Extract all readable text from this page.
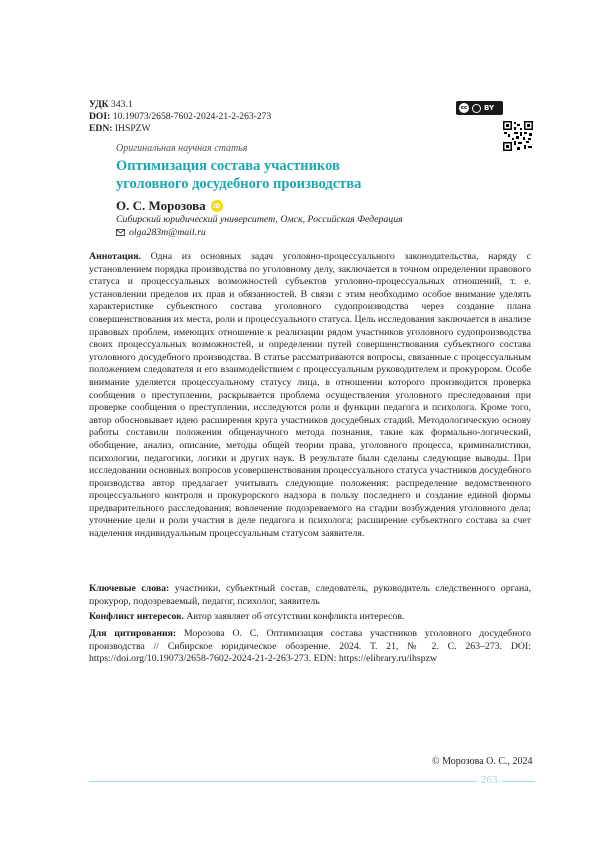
УДК 343.1
DOI: 10.19073/2658-7602-2024-21-2-263-273
EDN: IHSPZW
cc BY
Оригинальная научная статья
Оптимизация состава участников
уголовного досудебного производства
О. С. Морозова	iD
Сибирский юридический университет, Омск, Российская Федерация
olga283m@mail.ru
Аннотация. Одна из основных задач уголовно-процессуального законодательства, наряду с установлением порядка производства по уголовному делу, заключается в точном определении правового статуса и процессуальных возможностей субъектов уголовно-процессуальных отношений, т. е. установлении пределов их прав и обязанностей. В связи с этим необходимо особое внимание уделять характеристике субъектного состава уголовного судопроизводства через создание плана совершенствования их места, роли и процессуального статуса. Цель исследования заключается в анализе правовых проблем, имеющих отношение к реализации рядом участников уголовного судопроизводства своих процессуальных возможностей, и определении путей совершенствования субъектного состава уголовного досудебного производства. В статье рассматриваются вопросы, связанные с процессуальным положением следователя и его взаимодействием с процессуальным руководителем и прокурором. Особе внимание уделяется процессуальному статусу лица, в отношении которого производится проверка сообщения о преступлении, раскрывается проблема осуществления уголовного преследования при проверке сообщения о преступлении, исследуются роли и функции педагога и психолога. Кроме того, автор обосновывает идею расширения круга участников досудебных стадий. Методологическую основу работы составили положения общенаучного метода познания, такие как формально-логический, обобщение, анализ, описание, методы общей теории права, уголовного процесса, криминалистики, психологии, педагогики, логики и других наук. В результате были сделаны следующие выводы. При исследовании основных вопросов усовершенствования процессуального статуса участников досудебного производства автор предлагает учитывать следующие положения: распределение ведомственного процессуального контроля и прокурорского надзора в пользу последнего и создание единой формы предварительного расследования; вовлечение подозреваемого на стадии возбуждения уголовного дела; уточнение цели и роли участия в деле педагога и психолога; расширение субъектного состава за счет наделения индивидуальным процессуальным статусом заявителя.
Ключевые слова: участники, субъектный состав, следователь, руководитель следственного органа, прокурор, подозреваемый, педагог, психолог, заявитель
Конфликт интересов. Автор заявляет об отсутствии конфликта интересов.
Для цитирования: Морозова О. С. Оптимизация состава участников уголовного досудебного производства // Сибирское юридическое обозрение. 2024. Т. 21, № 2. С. 263–273. DOI: https://doi.org/10.19073/2658-7602-2024-21-2-263-273. EDN: https://elibrary.ru/ihspzw
© Морозова О. С., 2024
263
